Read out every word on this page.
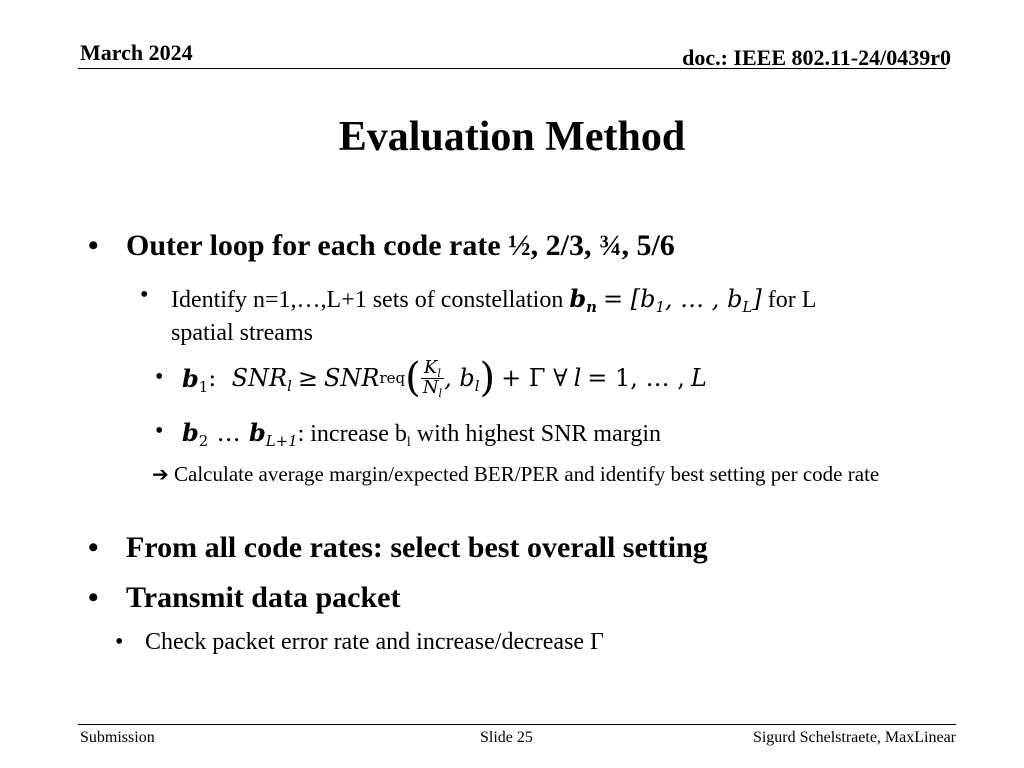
March 2024	doc.: IEEE 802.11-24/0439r0
Evaluation Method
• Outer loop for each code rate ½, 2/3, ¾, 5/6
• Identify n=1,…,L+1 sets of constellation $b_n = [b_1$, … , $b_L$] for L
spatial streams
• $b_1$ : $SNR_l$
≥
SNR req ( $\frac{K_l}{N_l}$ , $b_l$ )
+ Γ ∀
l
= 1, … ,
L
• $b_2$ … $b_{L+1}$: increase $b_l$ with highest SNR margin
➔ Calculate average margin/expected BER/PER and identify best setting per code rate
• From all code rates: select best overall setting
• Transmit data packet
• Check packet error rate and increase/decrease Γ
Submission	Slide 25	Sigurd Schelstraete, MaxLinear
